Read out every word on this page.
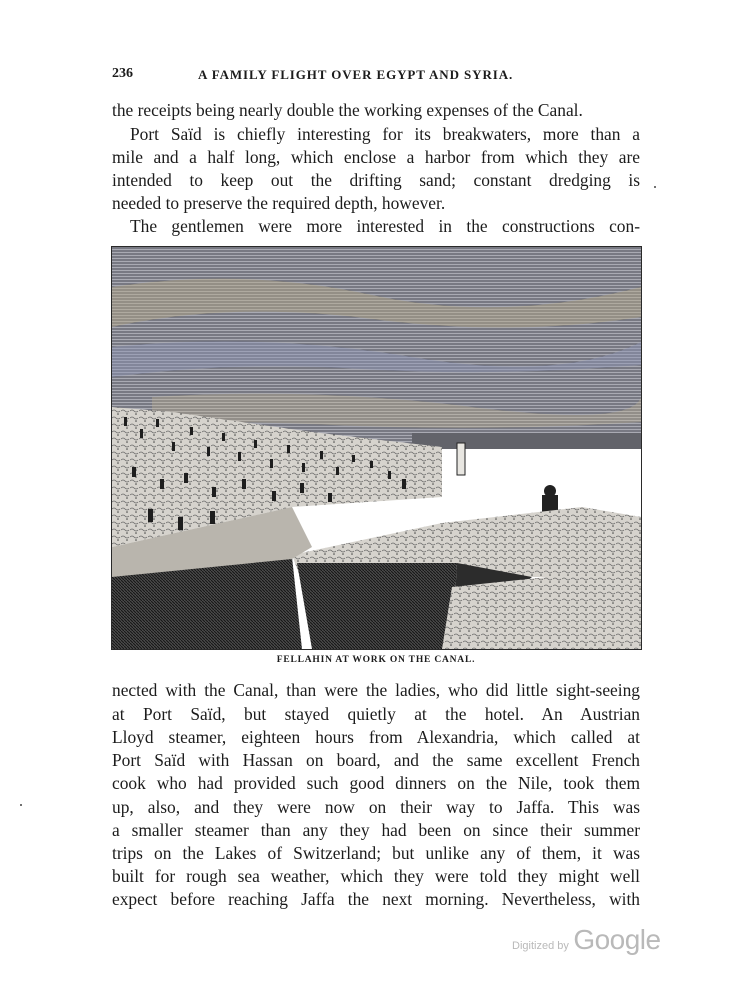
236	A FAMILY FLIGHT OVER EGYPT AND SYRIA.
the receipts being nearly double the working expenses of the Canal.
Port Saïd is chiefly interesting for its breakwaters, more than a
mile and a half long, which enclose a harbor from which they are
intended to keep out the drifting sand; constant dredging is
needed to preserve the required depth, however.
The gentlemen were more interested in the constructions con-
FELLAHIN AT WORK ON THE CANAL.
nected with the Canal, than were the ladies, who did little sight-seeing
at Port Saïd, but stayed quietly at the hotel. An Austrian
Lloyd steamer, eighteen hours from Alexandria, which called at
Port Saïd with Hassan on board, and the same excellent French
cook who had provided such good dinners on the Nile, took them
up, also, and they were now on their way to Jaffa. This was
a smaller steamer than any they had been on since their summer
trips on the Lakes of Switzerland; but unlike any of them, it was
built for rough sea weather, which they were told they might well
expect before reaching Jaffa the next morning. Nevertheless, with
Digitized by Google
